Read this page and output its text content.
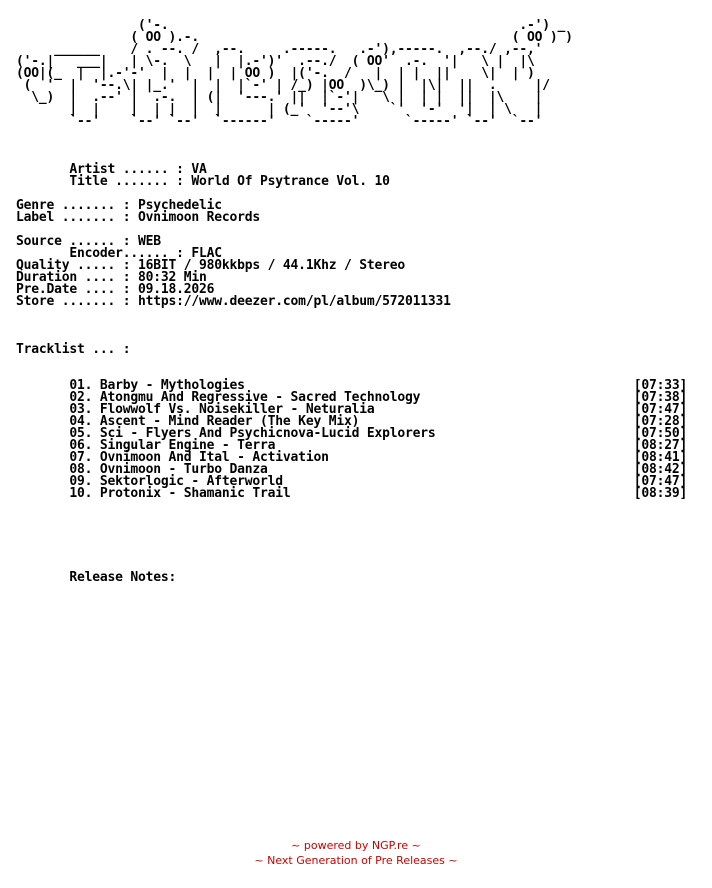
('-.                                              .-') _
( OO ).-.                                         ( OO ) )
______    / . --. /  ,--.     .-----.   .-'),-----.  ,--./ ,--,'
('-.|   ___|   | \-.  \   |  |.-')'  .--./  ( OO'  .-.  '|   \ |  |\
(OO|(_  |  |.-'-'  |  |  |  | OO )  |('-.  /   |  | |  ||    \|  | )
(  '  |  '--.\| |_.'  |  |  |`-' | /_) |OO  )\_) |  |\|  ||  .     |/
\_)  |  .--' |  .-.  | (|  '---.' ||  |`-'|   \ |  | |  ||  |\    |
|  |    |  | |  |  |      | (_'  '--'\    `'  '-'  '|  | \   |
`--'    `--' `--'  `------'    `-----'      `-----' `--'  `--'
Artist ...... : VA
Title ....... : World Of Psytrance Vol. 10
Genre ....... : Psychedelic
Label ....... : Ovnimoon Records
Source ...... : WEB
Encoder...... : FLAC
Quality ..... : 16BIT / 980kkbps / 44.1Khz / Stereo
Duration .... : 80:32 Min
Pre.Date .... : 09.18.2026
Store ....... : https://www.deezer.com/pl/album/572011331
Tracklist ... :
01. Barby - Mythologies                                                   [07:33]
02. Atongmu And Regressive - Sacred Technology                            [07:38]
03. Flowwolf Vs. Noisekiller - Neturalia                                  [07:47]
04. Ascent - Mind Reader (The Key Mix)                                    [07:28]
05. Sci - Flyers And Psychicnova-Lucid Explorers                          [07:50]
06. Singular Engine - Terra                                               [08:27]
07. Ovnimoon And Ital - Activation                                        [08:41]
08. Ovnimoon - Turbo Danza                                                [08:42]
09. Sektorlogic - Afterworld                                              [07:47]
10. Protonix - Shamanic Trail                                             [08:39]
Release Notes:
~ powered by NGP.re ~
~ Next Generation of Pre Releases ~
